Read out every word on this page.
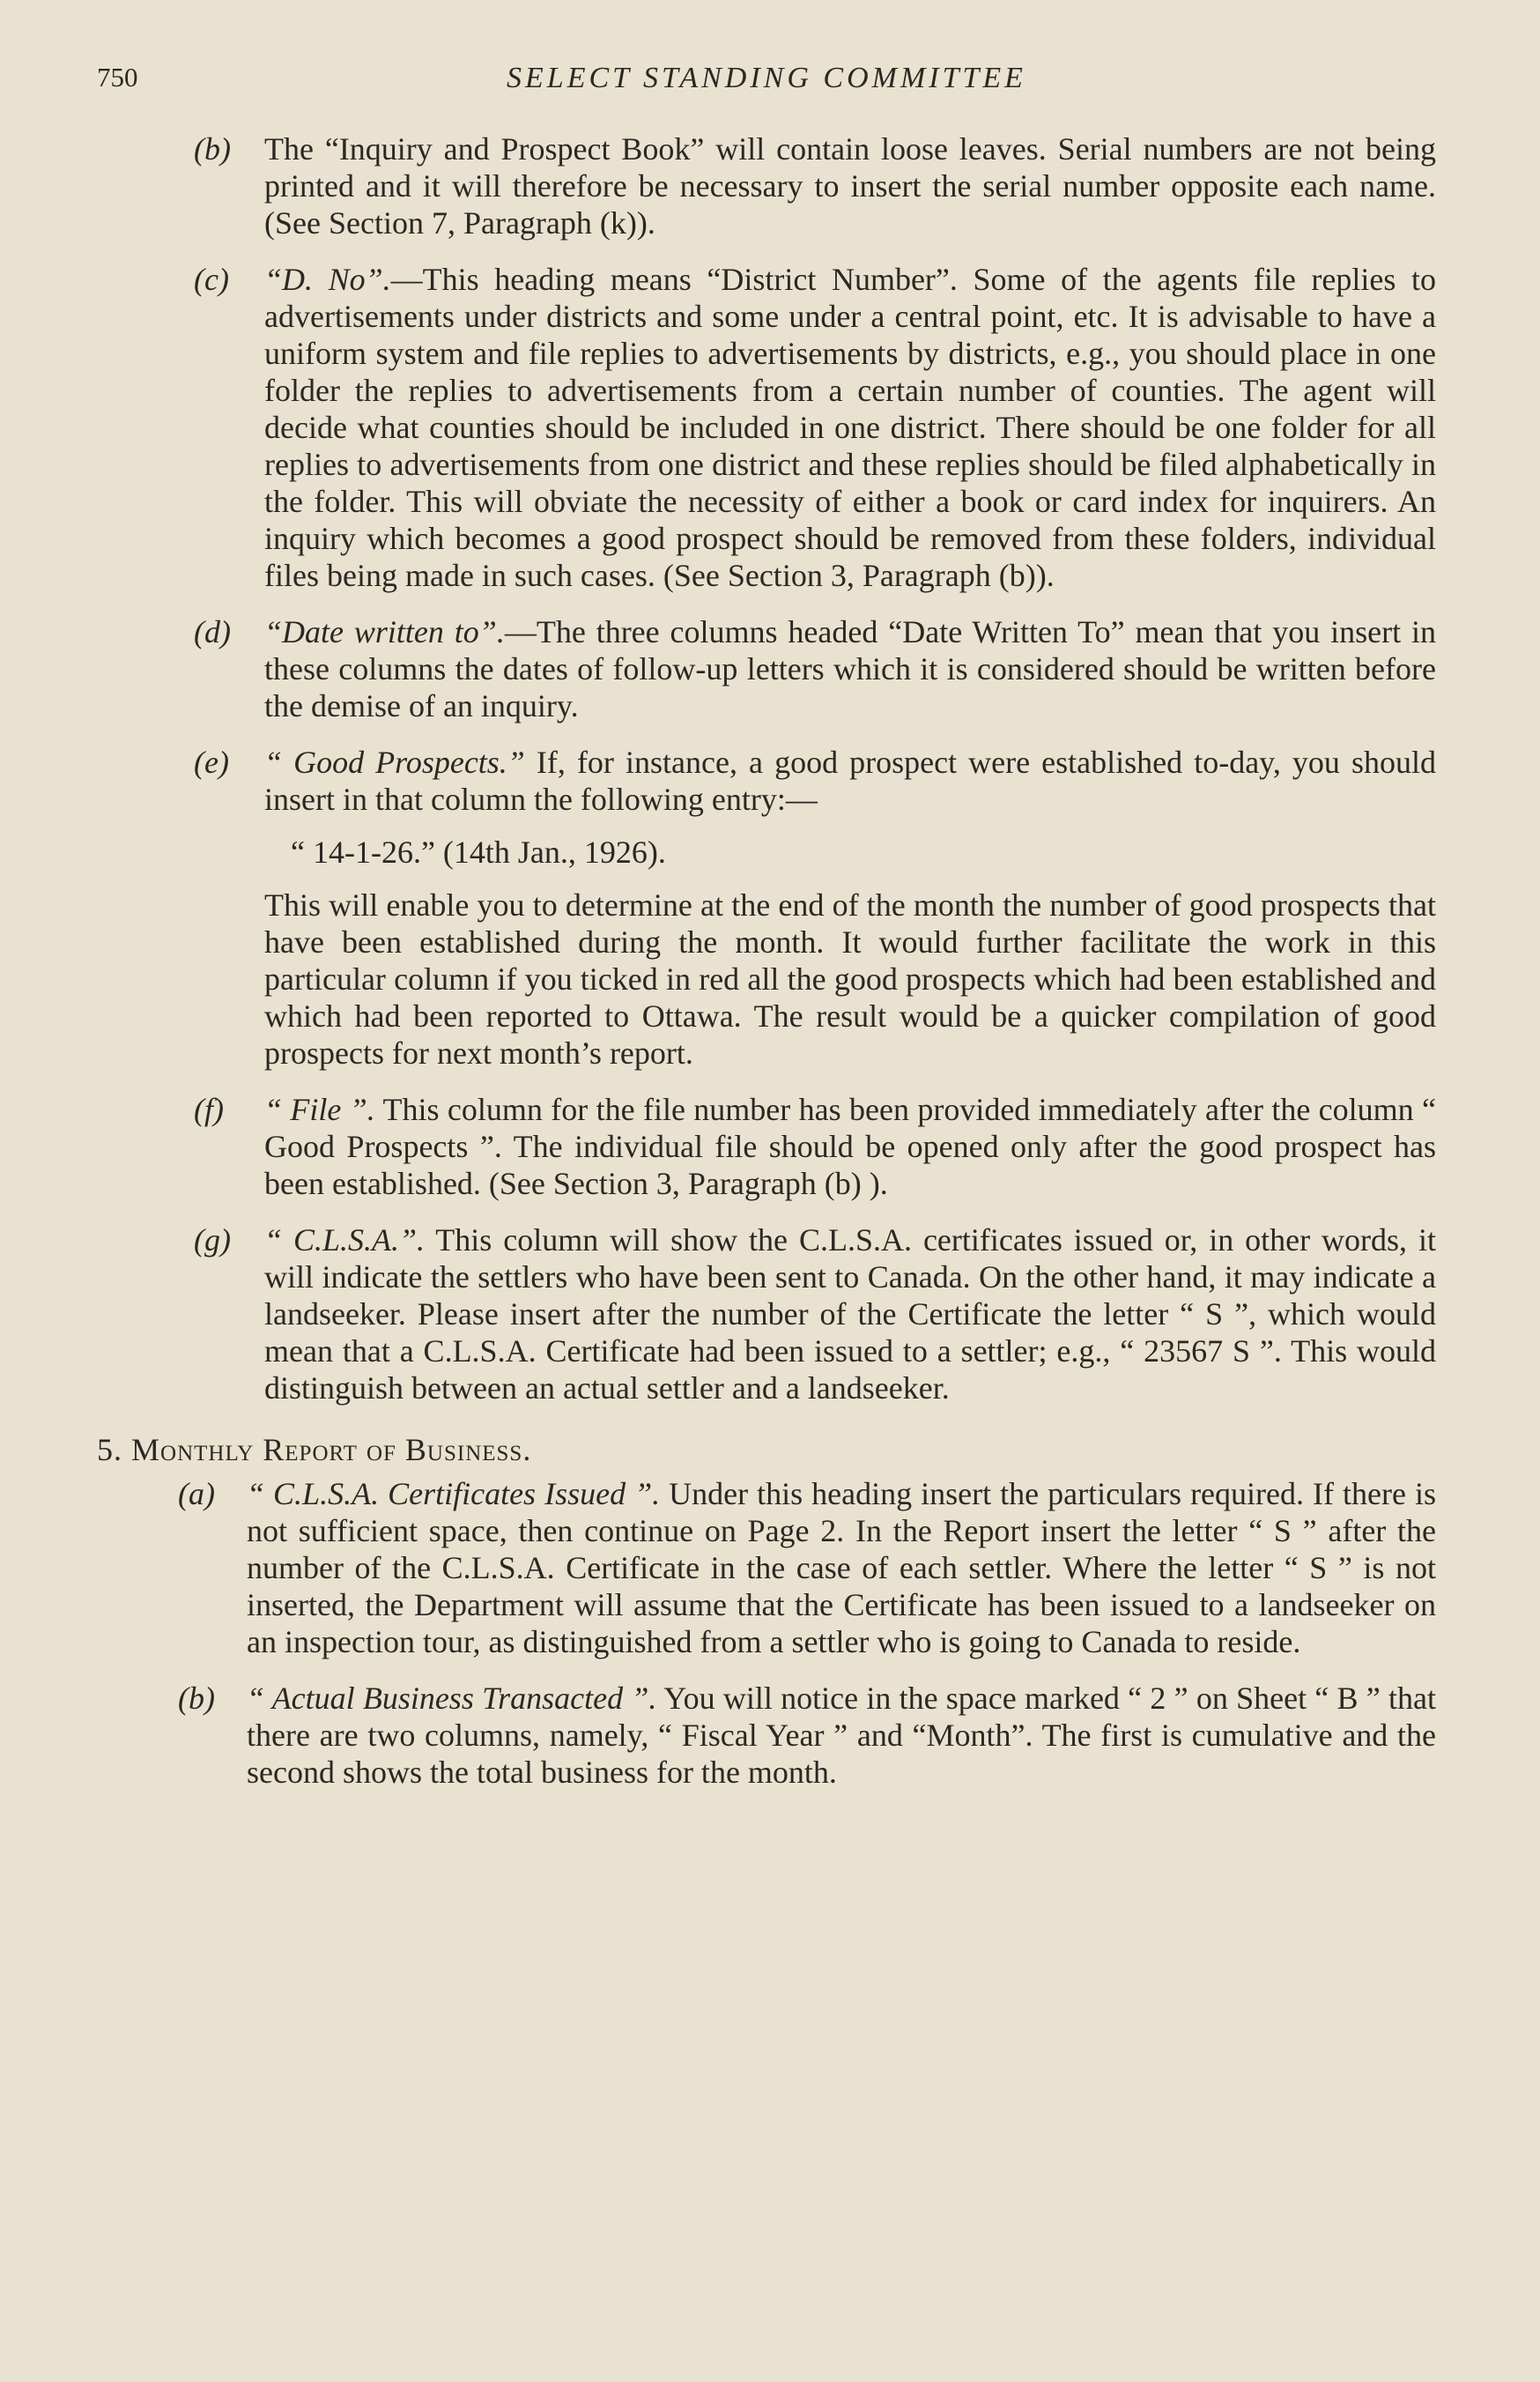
750	SELECT STANDING COMMITTEE
(b) The “Inquiry and Prospect Book” will contain loose leaves. Serial numbers are not being printed and it will therefore be necessary to insert the serial number opposite each name. (See Section 7, Paragraph (k)).

(c) “D. No”.—This heading means “District Number”. Some of the agents file replies to advertisements under districts and some under a central point, etc. It is advisable to have a uniform system and file replies to advertisements by districts, e.g., you should place in one folder the replies to advertisements from a certain number of counties. The agent will decide what counties should be included in one district. There should be one folder for all replies to advertisements from one district and these replies should be filed alphabetically in the folder. This will obviate the necessity of either a book or card index for inquirers. An inquiry which becomes a good prospect should be removed from these folders, individual files being made in such cases. (See Section 3, Paragraph (b)).

(d) “Date written to”.—The three columns headed “Date Written To” mean that you insert in these columns the dates of follow-up letters which it is considered should be written before the demise of an inquiry.

(e) “ Good Prospects.” If, for instance, a good prospect were established to-day, you should insert in that column the following entry:—

“ 14-1-26.” (14th Jan., 1926).

This will enable you to determine at the end of the month the number of good prospects that have been established during the month. It would further facilitate the work in this particular column if you ticked in red all the good prospects which had been established and which had been reported to Ottawa. The result would be a quicker compilation of good prospects for next month’s report.

(f) “ File ”. This column for the file number has been provided immediately after the column “ Good Prospects ”. The individual file should be opened only after the good prospect has been established. (See Section 3, Paragraph (b) ).

(g) “ C.L.S.A.”. This column will show the C.L.S.A. certificates issued or, in other words, it will indicate the settlers who have been sent to Canada. On the other hand, it may indicate a landseeker. Please insert after the number of the Certificate the letter “ S ”, which would mean that a C.L.S.A. Certificate had been issued to a settler; e.g., “ 23567 S ”. This would distinguish between an actual settler and a landseeker.

5. Monthly Report of Business.
(a) “ C.L.S.A. Certificates Issued ”. Under this heading insert the particulars required. If there is not sufficient space, then continue on Page 2. In the Report insert the letter “ S ” after the number of the C.L.S.A. Certificate in the case of each settler. Where the letter “ S ” is not inserted, the Department will assume that the Certificate has been issued to a landseeker on an inspection tour, as distinguished from a settler who is going to Canada to reside.

(b) “ Actual Business Transacted ”. You will notice in the space marked “ 2 ” on Sheet “ B ” that there are two columns, namely, “ Fiscal Year ” and “Month”. The first is cumulative and the second shows the total business for the month.
